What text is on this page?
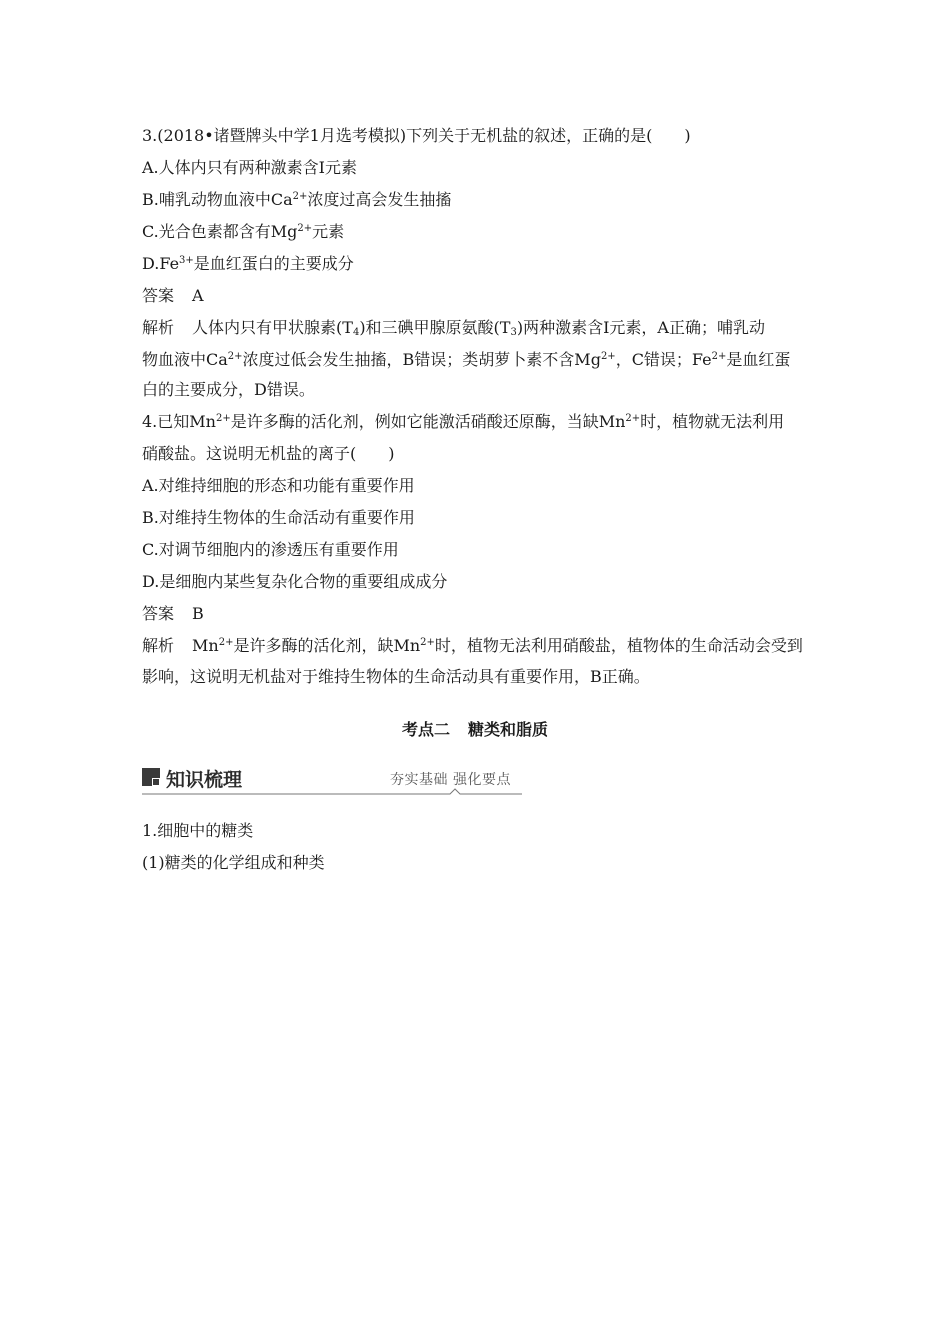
3.(2018•诸暨牌头中学1月选考模拟)下列关于无机盐的叙述，正确的是(　　)
A.人体内只有两种激素含Ⅰ元素
B.哺乳动物血液中$Ca^{2+}$浓度过高会发生抽搐
C.光合色素都含有$Mg^{2+}$元素
$D.Fe^{3+}$是血红蛋白的主要成分
答案 A
解析 人体内只有甲状腺素$(T_4)$和三碘甲腺原氨酸$(T_3)$两种激素含Ⅰ元素，A正确；哺乳动
物血液中$Ca^{2+}$浓度过低会发生抽搐，B错误；类胡萝卜素不含$Mg^{2+}$，C错误；$Fe^{2+}$是血红蛋
白的主要成分，D错误。
4.已知$Mn^{2+}$是许多酶的活化剂，例如它能激活硝酸还原酶，当缺$Mn^{2+}$时，植物就无法利用
硝酸盐。这说明无机盐的离子(　　)
A.对维持细胞的形态和功能有重要作用
B.对维持生物体的生命活动有重要作用
C.对调节细胞内的渗透压有重要作用
D.是细胞内某些复杂化合物的重要组成成分
答案 B
解析 $Mn^{2+}$是许多酶的活化剂，缺$Mn^{2+}$时，植物无法利用硝酸盐，植物体的生命活动会受到
影响，这说明无机盐对于维持生物体的生命活动具有重要作用，B正确。
考点二 糖类和脂质
知识梳理	夯实基础 强化要点
1.细胞中的糖类
(1)糖类的化学组成和种类
